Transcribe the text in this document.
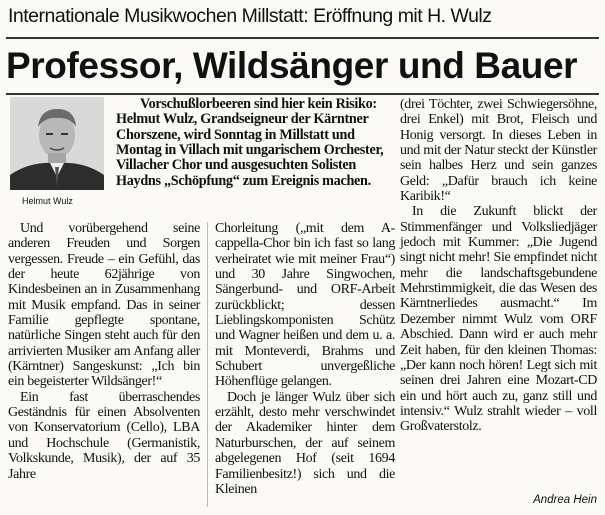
Internationale Musikwochen Millstatt: Eröffnung mit H. Wulz
Professor, Wildsänger und Bauer
Helmut Wulz

Vorschußlorbeeren sind hier kein Risiko: Helmut Wulz, Grandseigneur der Kärntner Chorszene, wird Sonntag in Millstatt und Montag in Villach mit ungarischem Orchester, Villacher Chor und ausgesuchten Solisten Haydns „Schöpfung“ zum Ereignis machen.

Und vorübergehend seine anderen Freuden und Sorgen vergessen. Freude – ein Gefühl, das der heute 62jährige von Kindesbeinen an in Zusammenhang mit Musik empfand. Das in seiner Familie gepflegte spontane, natürliche Singen steht auch für den arrivierten Musiker am Anfang aller (Kärntner) Sangeskunst: „Ich bin ein begeisterter Wildsänger!“

Ein fast überraschendes Geständnis für einen Absolventen von Konservatorium (Cello), LBA und Hochschule (Germanistik, Volkskunde, Musik), der auf 35 Jahre

Chorleitung („mit dem A-cappella-Chor bin ich fast so lang verheiratet wie mit meiner Frau“) und 30 Jahre Singwochen, Sängerbund- und ORF-Arbeit zurückblickt; dessen Lieblingskomponisten Schütz und Wagner heißen und dem u. a. mit Monteverdi, Brahms und Schubert unvergeßliche Höhenflüge gelangen.

Doch je länger Wulz über sich erzählt, desto mehr verschwindet der Akademiker hinter dem Naturburschen, der auf seinem abgelegenen Hof (seit 1694 Familienbesitz!) sich und die Kleinen

(drei Töchter, zwei Schwiegersöhne, drei Enkel) mit Brot, Fleisch und Honig versorgt. In dieses Leben in und mit der Natur steckt der Künstler sein halbes Herz und sein ganzes Geld: „Dafür brauch ich keine Karibik!“

In die Zukunft blickt der Stimmenfänger und Volksliedjäger jedoch mit Kummer: „Die Jugend singt nicht mehr! Sie empfindet nicht mehr die landschaftsgebundene Mehrstimmigkeit, die das Wesen des Kärntnerliedes ausmacht.“ Im Dezember nimmt Wulz vom ORF Abschied. Dann wird er auch mehr Zeit haben, für den kleinen Thomas: „Der kann noch hören! Legt sich mit seinen drei Jahren eine Mozart-CD ein und hört auch zu, ganz still und intensiv.“ Wulz strahlt wieder – voll Großvaterstolz.

Andrea Hein
